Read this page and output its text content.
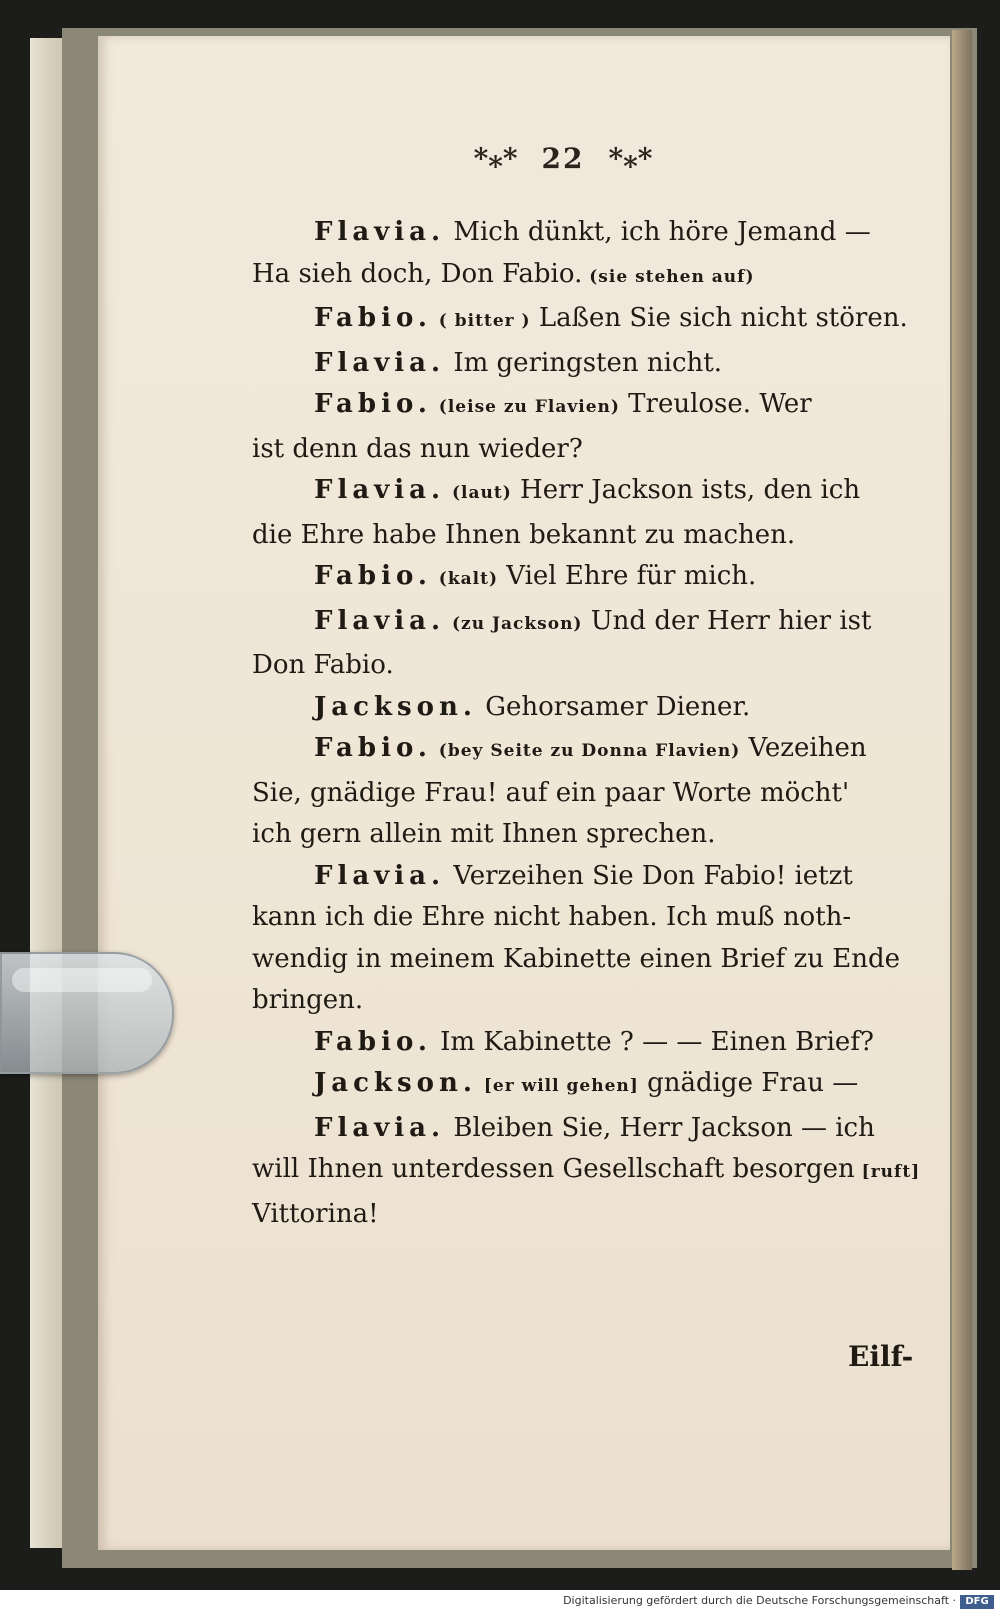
*⁎* 22 *⁎*
Flavia. Mich dünkt, ich höre Jemand —
Ha sieh doch, Don Fabio. (sie stehen auf)
Fabio. ( bitter ) Laßen Sie sich nicht stören.
Flavia. Im geringsten nicht.
Fabio. (leise zu Flavien) Treulose. Wer
ist denn das nun wieder?
Flavia. (laut) Herr Jackson ists, den ich
die Ehre habe Ihnen bekannt zu machen.
Fabio. (kalt) Viel Ehre für mich.
Flavia. (zu Jackson) Und der Herr hier ist
Don Fabio.
Jackson. Gehorsamer Diener.
Fabio. (bey Seite zu Donna Flavien) Vezeihen
Sie, gnädige Frau! auf ein paar Worte möcht'
ich gern allein mit Ihnen sprechen.
Flavia. Verzeihen Sie Don Fabio! ietzt
kann ich die Ehre nicht haben. Ich muß noth-
wendig in meinem Kabinette einen Brief zu Ende
bringen.
Fabio. Im Kabinette ? — — Einen Brief?
Jackson. [er will gehen] gnädige Frau —
Flavia. Bleiben Sie, Herr Jackson — ich
will Ihnen unterdessen Gesellschaft besorgen [ruft]
Vittorina!
Eilf-
Digitalisierung gefördert durch die Deutsche Forschungsgemeinschaft · DFG
